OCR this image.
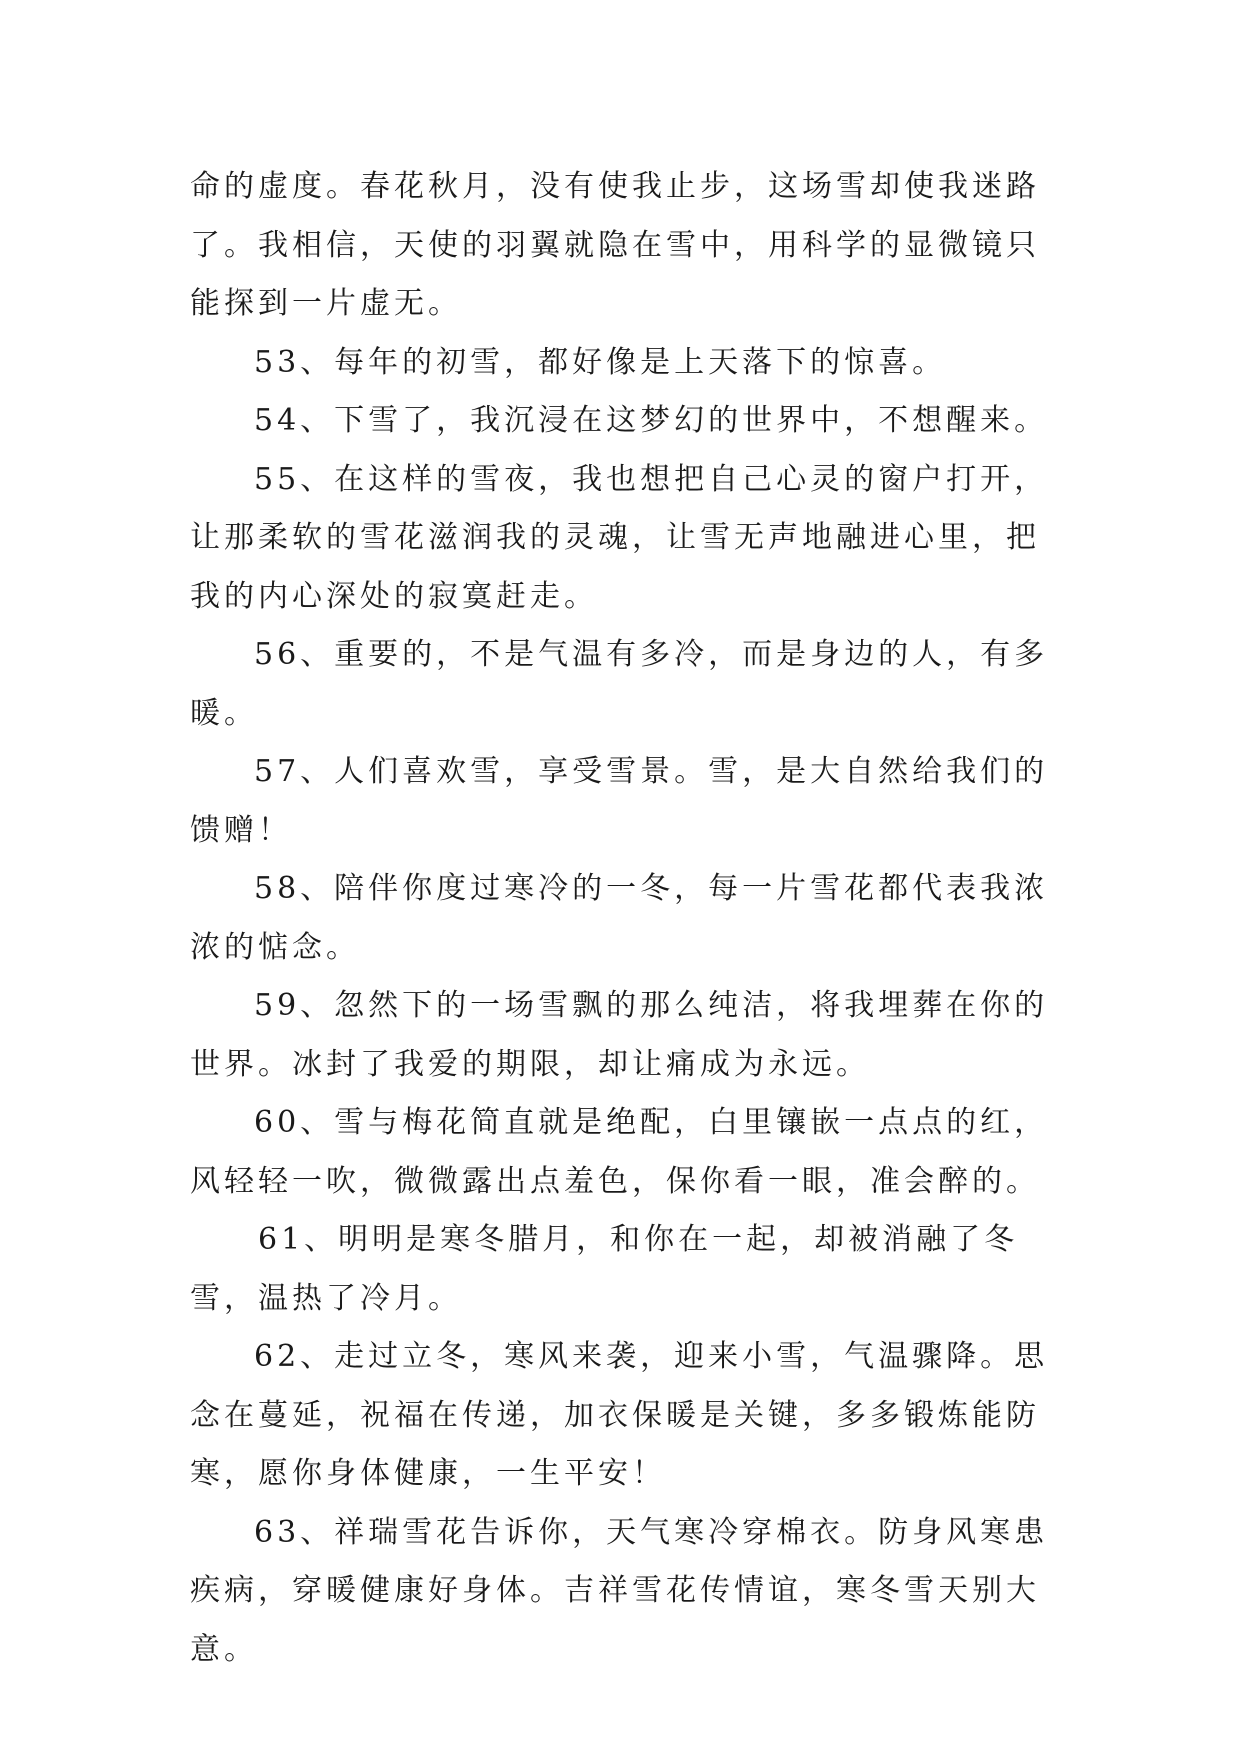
命的虚度。春花秋月，没有使我止步，这场雪却使我迷路了。我相信，天使的羽翼就隐在雪中，用科学的显微镜只能探到一片虚无。

53、每年的初雪，都好像是上天落下的惊喜。

54、下雪了，我沉浸在这梦幻的世界中，不想醒来。

55、在这样的雪夜，我也想把自己心灵的窗户打开，让那柔软的雪花滋润我的灵魂，让雪无声地融进心里，把我的内心深处的寂寞赶走。

56、重要的，不是气温有多冷，而是身边的人，有多暖。

57、人们喜欢雪，享受雪景。雪，是大自然给我们的馈赠！

58、陪伴你度过寒冷的一冬，每一片雪花都代表我浓浓的惦念。

59、忽然下的一场雪飘的那么纯洁，将我埋葬在你的世界。冰封了我爱的期限，却让痛成为永远。

60、雪与梅花简直就是绝配，白里镶嵌一点点的红，风轻轻一吹，微微露出点羞色，保你看一眼，准会醉的。

61、明明是寒冬腊月，和你在一起，却被消融了冬雪，温热了冷月。

62、走过立冬，寒风来袭，迎来小雪，气温骤降。思念在蔓延，祝福在传递，加衣保暖是关键，多多锻炼能防寒，愿你身体健康，一生平安！

63、祥瑞雪花告诉你，天气寒冷穿棉衣。防身风寒患疾病，穿暖健康好身体。吉祥雪花传情谊，寒冬雪天别大意。
